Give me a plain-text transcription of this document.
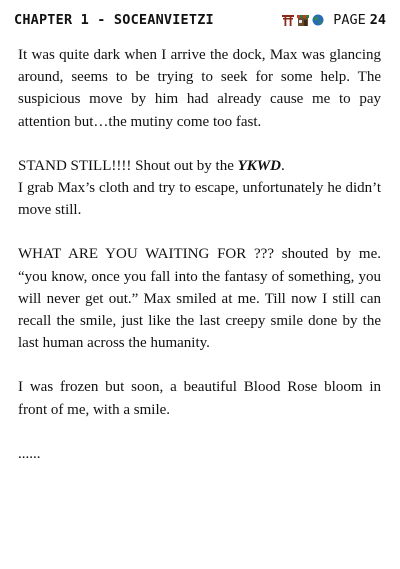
CHAPTER 1 - SOCEANVIETZI	PAGE 24

It was quite dark when I arrive the dock, Max was glancing around, seems to be trying to seek for some help. The suspicious move by him had already cause me to pay attention but…the mutiny come too fast.

STAND STILL!!!! Shout out by the YKWD.

I grab Max’s cloth and try to escape, unfortunately he didn’t move still.

WHAT ARE YOU WAITING FOR ??? shouted by me. “you know, once you fall into the fantasy of something, you will never get out.” Max smiled at me. Till now I still can recall the smile, just like the last creepy smile done by the last human across the humanity.

I was frozen but soon, a beautiful Blood Rose bloom in front of me, with a smile.

......
